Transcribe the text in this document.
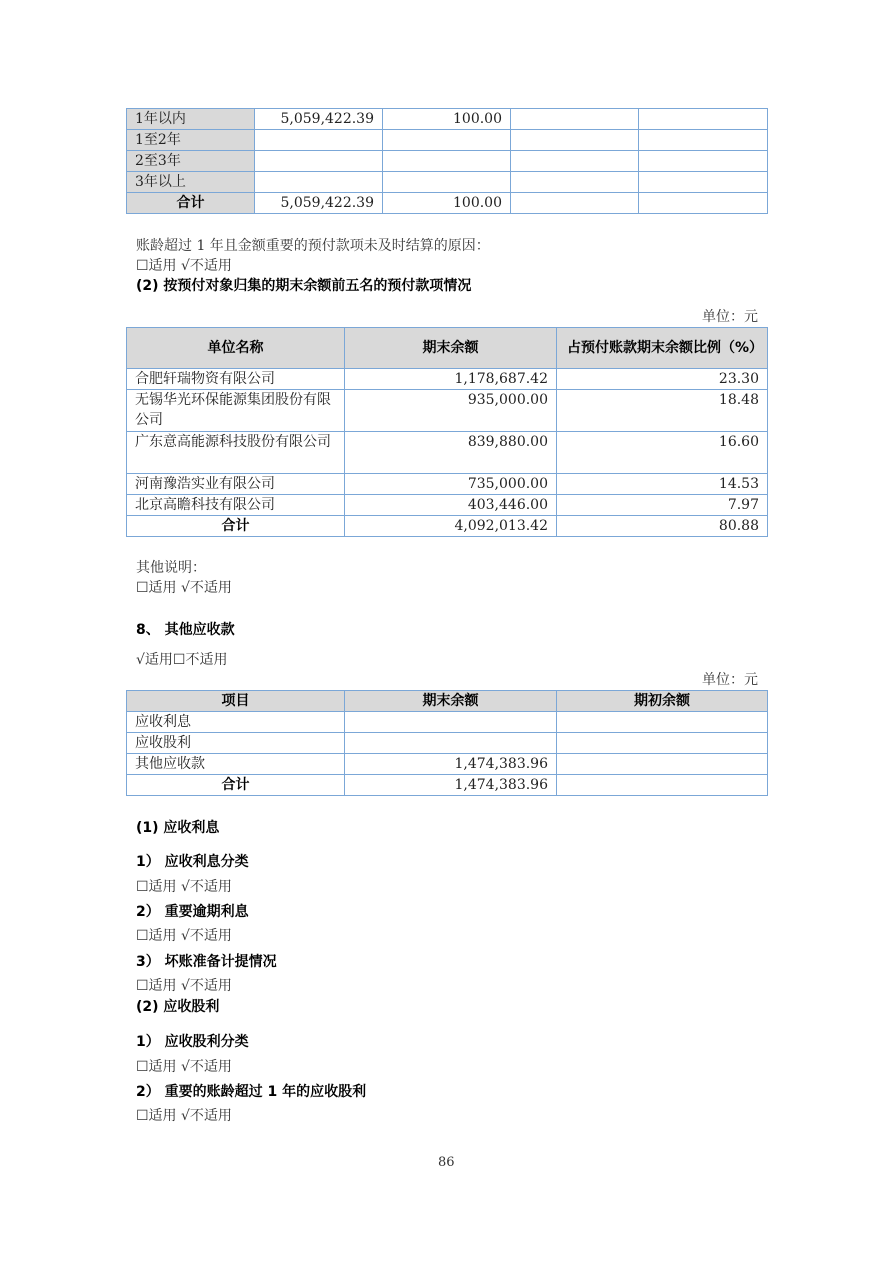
1年以内	5,059,422.39	100.00		
1至2年				
2至3年				
3年以上				
合计	5,059,422.39	100.00		
账龄超过 1 年且金额重要的预付款项未及时结算的原因：
☐适用 √不适用
(2) 按预付对象归集的期末余额前五名的预付款项情况
单位：元
单位名称	期末余额	占预付账款期末余额比例（%）
合肥轩瑞物资有限公司	1,178,687.42	23.30
无锡华光环保能源集团股份有限公司	935,000.00	18.48
广东意高能源科技股份有限公司	839,880.00	16.60
河南豫浩实业有限公司	735,000.00	14.53
北京高瞻科技有限公司	403,446.00	7.97
合计	4,092,013.42	80.88
其他说明：
☐适用 √不适用
8、 其他应收款
√适用☐不适用
单位：元
项目	期末余额	期初余额
应收利息		
应收股利		
其他应收款	1,474,383.96	
合计	1,474,383.96	
(1) 应收利息
1） 应收利息分类
☐适用 √不适用
2） 重要逾期利息
☐适用 √不适用
3） 坏账准备计提情况
☐适用 √不适用
(2) 应收股利
1） 应收股利分类
☐适用 √不适用
2） 重要的账龄超过 1 年的应收股利
☐适用 √不适用
86
